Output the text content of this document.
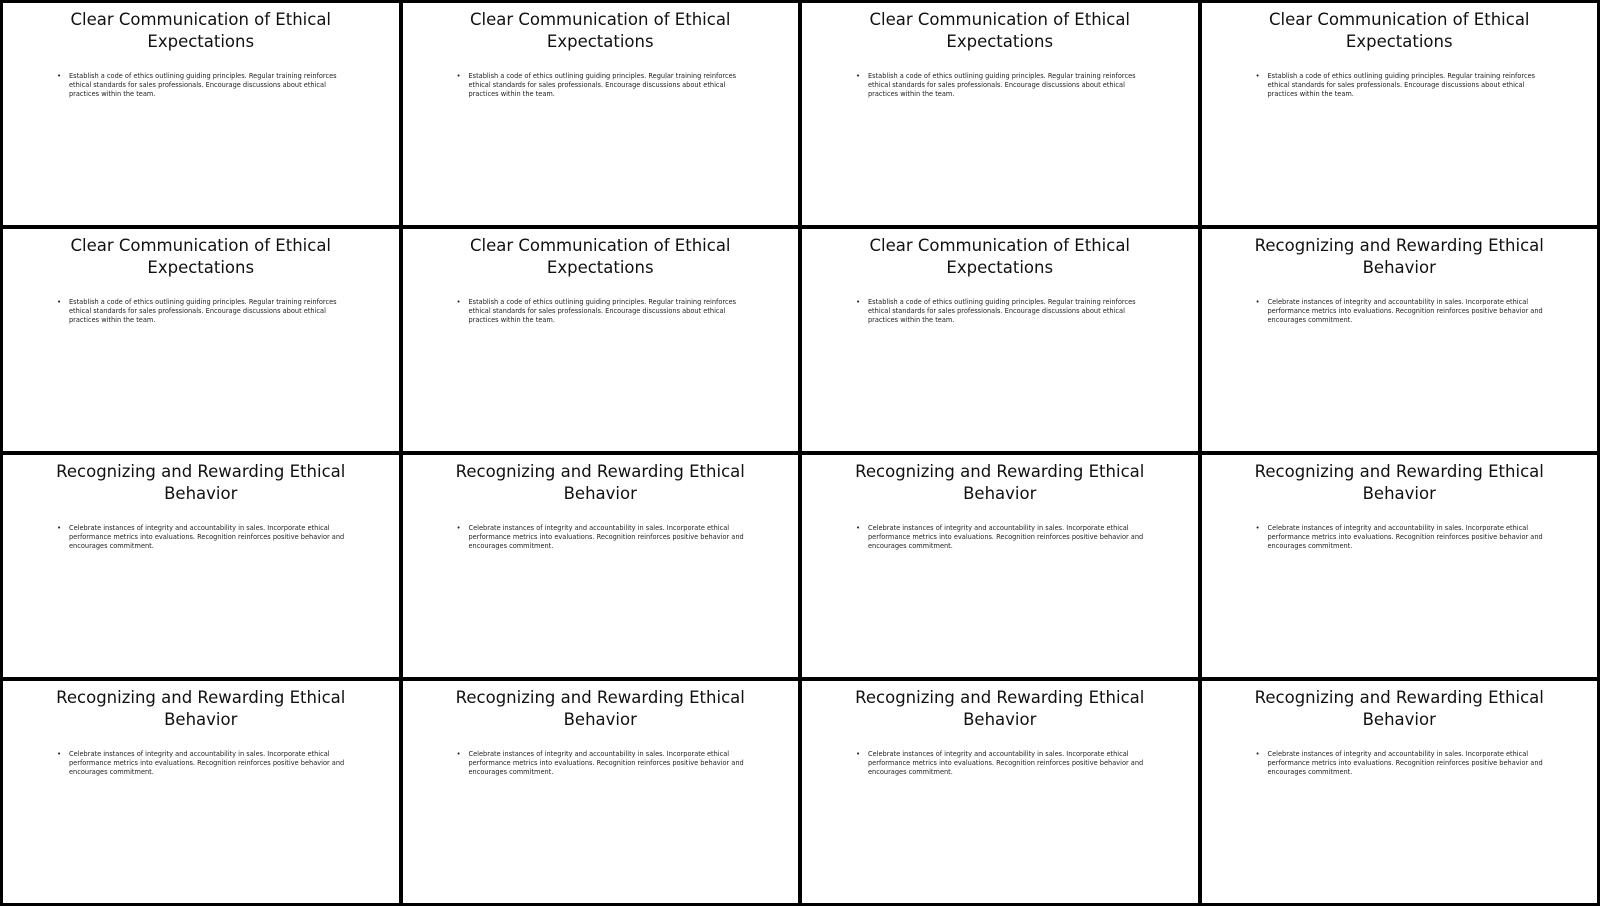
Clear Communication of Ethical Expectations
• Establish a code of ethics outlining guiding principles. Regular training reinforces ethical standards for sales professionals. Encourage discussions about ethical practices within the team.
Clear Communication of Ethical Expectations
• Establish a code of ethics outlining guiding principles. Regular training reinforces ethical standards for sales professionals. Encourage discussions about ethical practices within the team.
Clear Communication of Ethical Expectations
• Establish a code of ethics outlining guiding principles. Regular training reinforces ethical standards for sales professionals. Encourage discussions about ethical practices within the team.
Clear Communication of Ethical Expectations
• Establish a code of ethics outlining guiding principles. Regular training reinforces ethical standards for sales professionals. Encourage discussions about ethical practices within the team.
Clear Communication of Ethical Expectations
• Establish a code of ethics outlining guiding principles. Regular training reinforces ethical standards for sales professionals. Encourage discussions about ethical practices within the team.
Clear Communication of Ethical Expectations
• Establish a code of ethics outlining guiding principles. Regular training reinforces ethical standards for sales professionals. Encourage discussions about ethical practices within the team.
Clear Communication of Ethical Expectations
• Establish a code of ethics outlining guiding principles. Regular training reinforces ethical standards for sales professionals. Encourage discussions about ethical practices within the team.
Recognizing and Rewarding Ethical Behavior
• Celebrate instances of integrity and accountability in sales. Incorporate ethical performance metrics into evaluations. Recognition reinforces positive behavior and encourages commitment.
Recognizing and Rewarding Ethical Behavior
• Celebrate instances of integrity and accountability in sales. Incorporate ethical performance metrics into evaluations. Recognition reinforces positive behavior and encourages commitment.
Recognizing and Rewarding Ethical Behavior
• Celebrate instances of integrity and accountability in sales. Incorporate ethical performance metrics into evaluations. Recognition reinforces positive behavior and encourages commitment.
Recognizing and Rewarding Ethical Behavior
• Celebrate instances of integrity and accountability in sales. Incorporate ethical performance metrics into evaluations. Recognition reinforces positive behavior and encourages commitment.
Recognizing and Rewarding Ethical Behavior
• Celebrate instances of integrity and accountability in sales. Incorporate ethical performance metrics into evaluations. Recognition reinforces positive behavior and encourages commitment.
Recognizing and Rewarding Ethical Behavior
• Celebrate instances of integrity and accountability in sales. Incorporate ethical performance metrics into evaluations. Recognition reinforces positive behavior and encourages commitment.
Recognizing and Rewarding Ethical Behavior
• Celebrate instances of integrity and accountability in sales. Incorporate ethical performance metrics into evaluations. Recognition reinforces positive behavior and encourages commitment.
Recognizing and Rewarding Ethical Behavior
• Celebrate instances of integrity and accountability in sales. Incorporate ethical performance metrics into evaluations. Recognition reinforces positive behavior and encourages commitment.
Recognizing and Rewarding Ethical Behavior
• Celebrate instances of integrity and accountability in sales. Incorporate ethical performance metrics into evaluations. Recognition reinforces positive behavior and encourages commitment.
